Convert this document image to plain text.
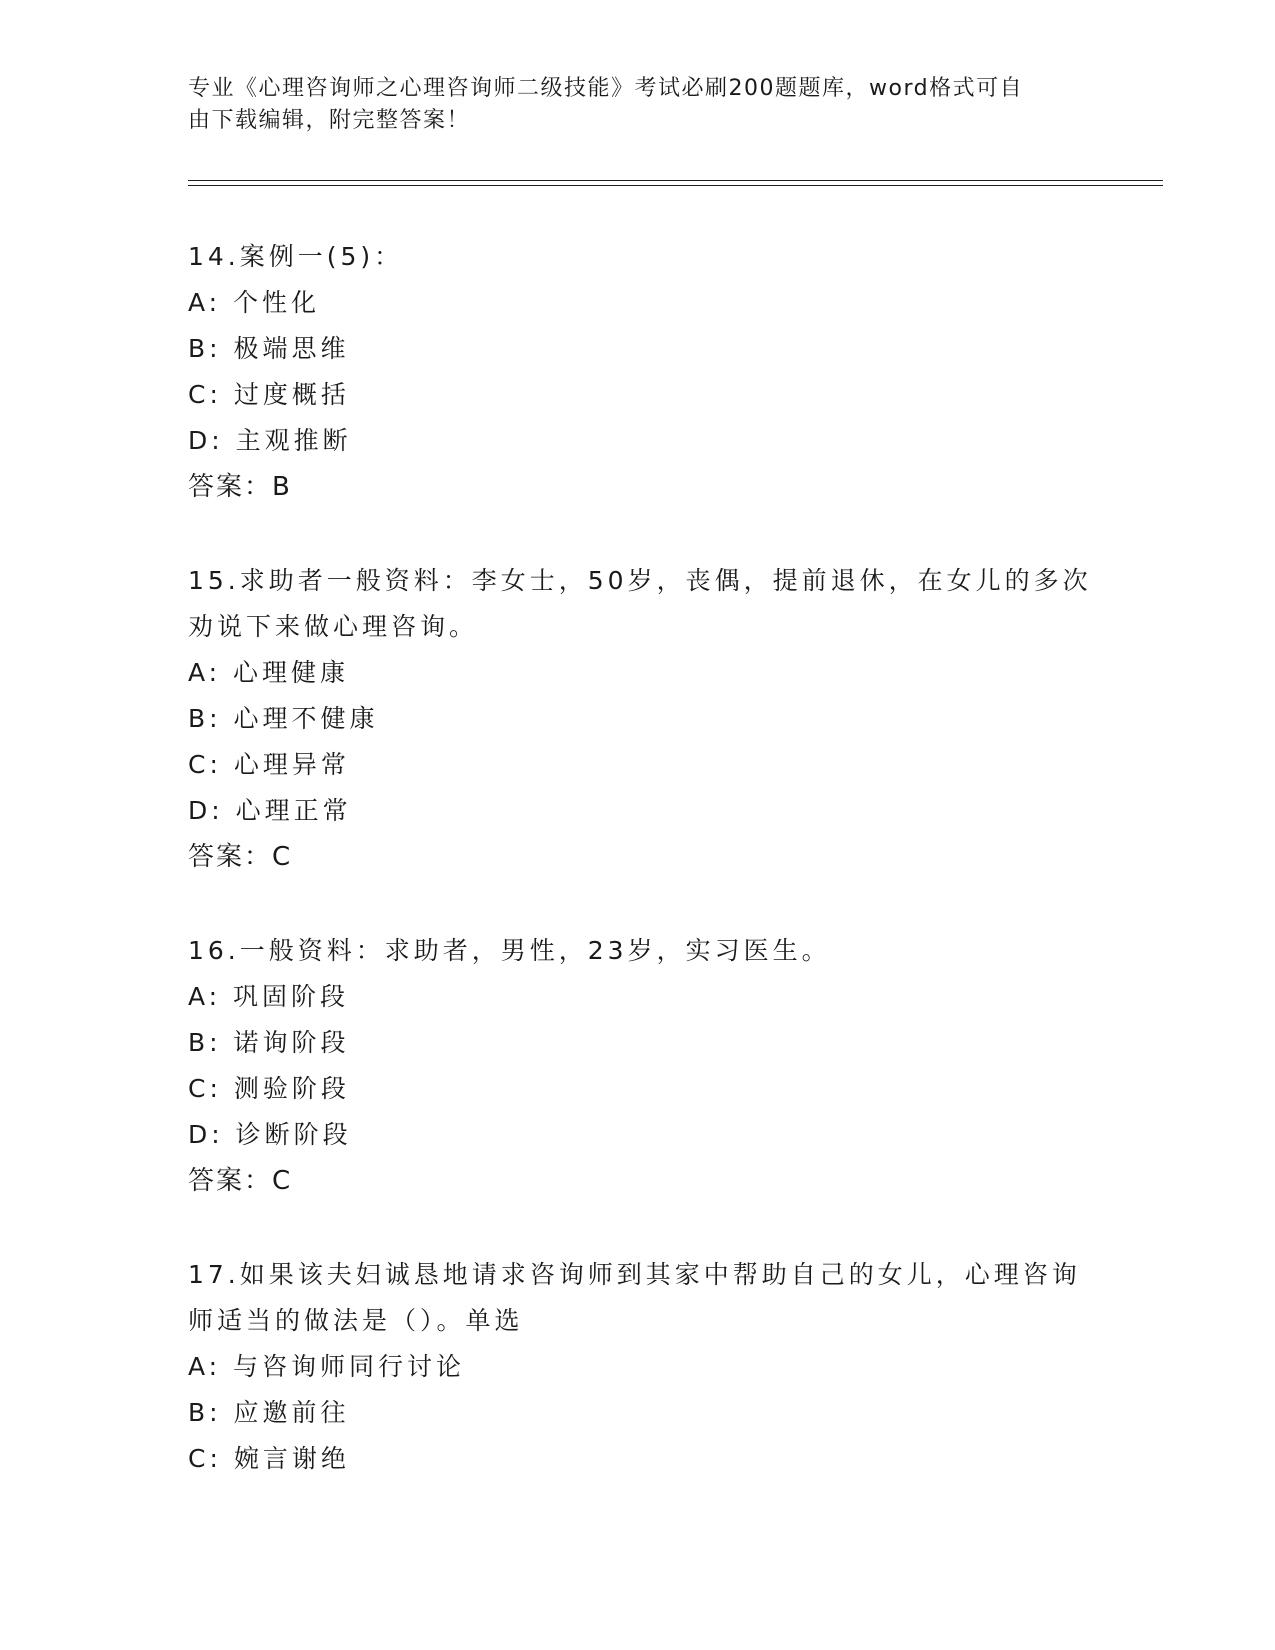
专业《心理咨询师之心理咨询师二级技能》考试必刷200题题库，word格式可自
由下载编辑，附完整答案！
14.案例一(5)：
A: 个性化
B: 极端思维
C: 过度概括
D: 主观推断
答案：B
15.求助者一般资料：李女士，50岁，丧偶，提前退休，在女儿的多次
劝说下来做心理咨询。
A: 心理健康
B: 心理不健康
C: 心理异常
D: 心理正常
答案：C
16.一般资料：求助者，男性，23岁，实习医生。
A: 巩固阶段
B: 诺询阶段
C: 测验阶段
D: 诊断阶段
答案：C
17.如果该夫妇诚恳地请求咨询师到其家中帮助自己的女儿，心理咨询
师适当的做法是（）。单选
A: 与咨询师同行讨论
B: 应邀前往
C: 婉言谢绝
